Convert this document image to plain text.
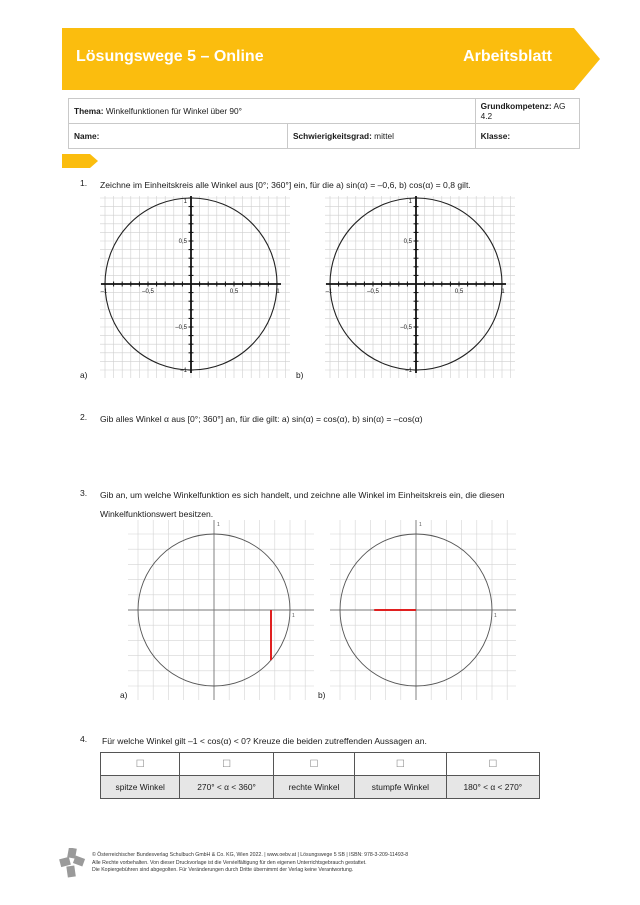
Lösungswege 5 – Online	Arbeitsblatt
Thema: Winkelfunktionen für Winkel über 90°		Grundkompetenz: AG 4.2
Name:	Schwierigkeitsgrad: mittel	Klasse:
1. Zeichne im Einheitskreis alle Winkel aus [0°; 360°] ein, für die a) sin(α) = –0,6, b) cos(α) = 0,8 gilt.
–1	–0,5	0,5	1
1
0,5
–0,5
–1
–1	–0,5	0,5	1
1
0,5
–0,5
–1
a)	b)
2. Gib alles Winkel α aus [0°; 360°] an, für die gilt: a) sin(α) = cos(α), b) sin(α) = –cos(α)
3. Gib an, um welche Winkelfunktion es sich handelt, und zeichne alle Winkel im Einheitskreis ein, die diesen
Winkelfunktionswert besitzen.
1
1
1
1
a)	b)
4. Für welche Winkel gilt –1 < cos(α) < 0? Kreuze die beiden zutreffenden Aussagen an.
☐	☐	☐	☐	☐
spitze Winkel	270° < α < 360°	rechte Winkel	stumpfe Winkel	180° < α < 270°
© Österreichischer Bundesverlag Schulbuch GmbH & Co. KG, Wien 2022. | www.oebv.at | Lösungswege 5 SB | ISBN: 978-3-209-11493-8
Alle Rechte vorbehalten. Von dieser Druckvorlage ist die Vervielfältigung für den eigenen Unterrichtsgebrauch gestattet.
Die Kopiergebühren sind abgegolten. Für Veränderungen durch Dritte übernimmt der Verlag keine Verantwortung.
